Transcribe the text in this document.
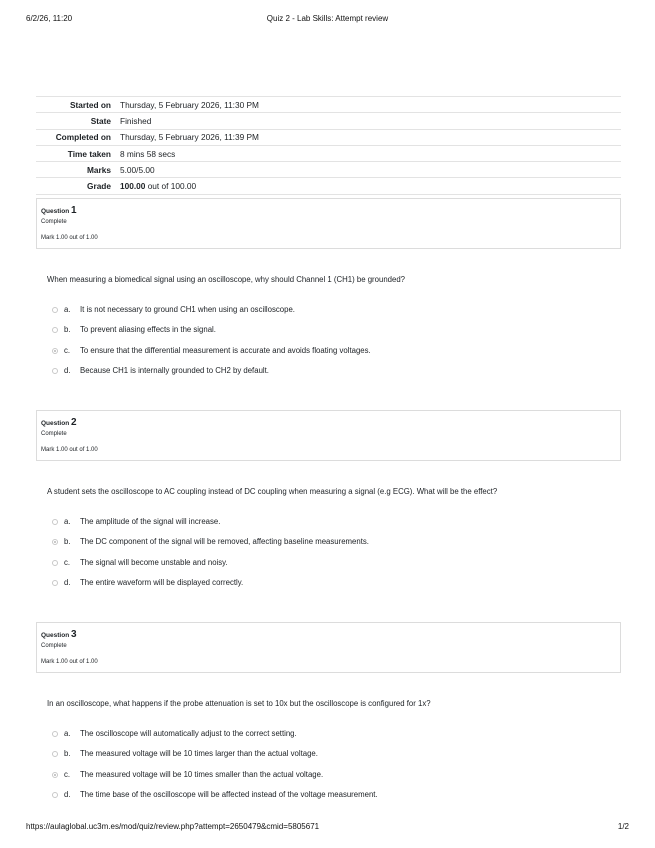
6/2/26, 11:20	Quiz 2 - Lab Skills: Attempt review
Started on	Thursday, 5 February 2026, 11:30 PM
State	Finished
Completed on	Thursday, 5 February 2026, 11:39 PM
Time taken	8 mins 58 secs
Marks	5.00/5.00
Grade	100.00 out of 100.00
Question 1
Complete
Mark 1.00 out of 1.00
When measuring a biomedical signal using an oscilloscope, why should Channel 1 (CH1) be grounded?
a.	It is not necessary to ground CH1 when using an oscilloscope.
b.	To prevent aliasing effects in the signal.
c.	To ensure that the differential measurement is accurate and avoids floating voltages.
d.	Because CH1 is internally grounded to CH2 by default.
Question 2
Complete
Mark 1.00 out of 1.00
A student sets the oscilloscope to AC coupling instead of DC coupling when measuring a signal (e.g ECG). What will be the effect?
a.	The amplitude of the signal will increase.
b.	The DC component of the signal will be removed, affecting baseline measurements.
c.	The signal will become unstable and noisy.
d.	The entire waveform will be displayed correctly.
Question 3
Complete
Mark 1.00 out of 1.00
In an oscilloscope, what happens if the probe attenuation is set to 10x but the oscilloscope is configured for 1x?
a.	The oscilloscope will automatically adjust to the correct setting.
b.	The measured voltage will be 10 times larger than the actual voltage.
c.	The measured voltage will be 10 times smaller than the actual voltage.
d.	The time base of the oscilloscope will be affected instead of the voltage measurement.
https://aulaglobal.uc3m.es/mod/quiz/review.php?attempt=2650479&cmid=5805671	1/2
